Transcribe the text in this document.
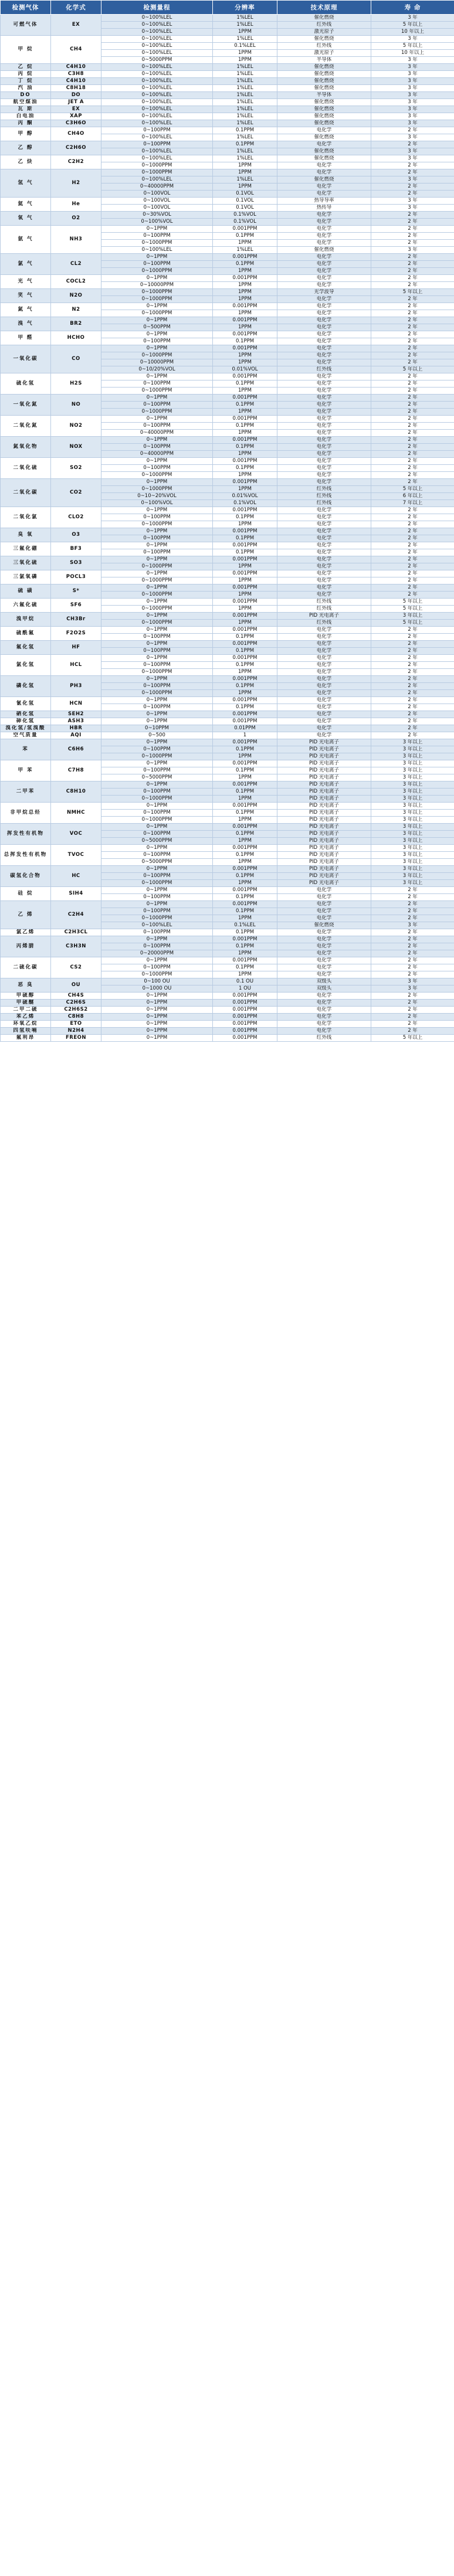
检测气体	化学式	检测量程	分辨率	技术原理	寿 命
可燃气体	EX	0~100%LEL	1%LEL	催化燃烧	3 年
		0~100%LEL	1%LEL	红外线	5 年以上
		0~100%LEL	1PPM	激光原子	10 年以上
甲 烷	CH4	0~100%LEL	1%LEL	催化燃烧	3 年
		0~100%LEL	0.1%LEL	红外线	5 年以上
		0~100%LEL	1PPM	激光原子	10 年以上
		0~5000PPM	1PPM	半导体	3 年
乙 烷	C4H10	0~100%LEL	1%LEL	催化燃烧	3 年
丙 烷	C3H8	0~100%LEL	1%LEL	催化燃烧	3 年
丁 烷	C4H10	0~100%LEL	1%LEL	催化燃烧	3 年
汽 油	C8H18	0~100%LEL	1%LEL	催化燃烧	3 年
DO	DO	0~100%LEL	1%LEL	半导体	3 年
航空煤油	JET A	0~100%LEL	1%LEL	催化燃烧	3 年
瓦 斯	EX	0~100%LEL	1%LEL	催化燃烧	3 年
白电油	XAP	0~100%LEL	1%LEL	催化燃烧	3 年
丙 酮	C3H6O	0~100%LEL	1%LEL	催化燃烧	3 年
甲 醇	CH4O	0~100PPM	0.1PPM	电化学	2 年
		0~100%LEL	1%LEL	催化燃烧	3 年
乙 醇	C2H6O	0~100PPM	0.1PPM	电化学	2 年
		0~100%LEL	1%LEL	催化燃烧	3 年
乙 炔	C2H2	0~100%LEL	1%LEL	催化燃烧	3 年
		0~1000PPM	1PPM	电化学	2 年
氢 气	H2	0~1000PPM	1PPM	电化学	2 年
		0~100%LEL	1%LEL	催化燃烧	3 年
		0~40000PPM	1PPM	电化学	2 年
		0~100VOL	0.1VOL	电化学	2 年
氦 气	He	0~100VOL	0.1VOL	热导导率	3 年
		0~100VOL	0.1VOL	热传导	3 年
氧 气	O2	0~30%VOL	0.1%VOL	电化学	2 年
		0~100%VOL	0.1%VOL	电化学	2 年
氨 气	NH3	0~1PPM	0.001PPM	电化学	2 年
		0~100PPM	0.1PPM	电化学	2 年
		0~1000PPM	1PPM	电化学	2 年
		0~100%LEL	1%LEL	催化燃烧	3 年
氯 气	CL2	0~1PPM	0.001PPM	电化学	2 年
		0~100PPM	0.1PPM	电化学	2 年
		0~1000PPM	1PPM	电化学	2 年
光 气	COCL2	0~1PPM	0.001PPM	电化学	2 年
		0~10000PPM	1PPM	电化学	2 年
笑 气	N2O	0~1000PPM	1PPM	光学波导	5 年以上
		0~1000PPM	1PPM	电化学	2 年
氮 气	N2	0~1PPM	0.001PPM	电化学	2 年
		0~1000PPM	1PPM	电化学	2 年
溴 气	BR2	0~1PPM	0.001PPM	电化学	2 年
		0~500PPM	1PPM	电化学	2 年
甲 醛	HCHO	0~1PPM	0.001PPM	电化学	2 年
		0~100PPM	0.1PPM	电化学	2 年
一氧化碳	CO	0~1PPM	0.001PPM	电化学	2 年
		0~1000PPM	1PPM	电化学	2 年
		0~10000PPM	1PPM	电化学	2 年
		0~10/20%VOL	0.01%VOL	红外线	5 年以上
硫化氢	H2S	0~1PPM	0.001PPM	电化学	2 年
		0~100PPM	0.1PPM	电化学	2 年
		0~1000PPM	1PPM	电化学	2 年
一氧化氮	NO	0~1PPM	0.001PPM	电化学	2 年
		0~100PPM	0.1PPM	电化学	2 年
		0~1000PPM	1PPM	电化学	2 年
二氧化氮	NO2	0~1PPM	0.001PPM	电化学	2 年
		0~100PPM	0.1PPM	电化学	2 年
		0~40000PPM	1PPM	电化学	2 年
氮氧化物	NOX	0~1PPM	0.001PPM	电化学	2 年
		0~100PPM	0.1PPM	电化学	2 年
		0~40000PPM	1PPM	电化学	2 年
二氧化硫	SO2	0~1PPM	0.001PPM	电化学	2 年
		0~100PPM	0.1PPM	电化学	2 年
		0~1000PPM	1PPM	电化学	2 年
二氧化碳	CO2	0~1PPM	0.001PPM	电化学	2 年
		0~1000PPM	1PPM	红外线	5 年以上
		0~10~20%VOL	0.01%VOL	红外线	6 年以上
		0~100%VOL	0.1%VOL	红外线	7 年以上
二氧化氯	CLO2	0~1PPM	0.001PPM	电化学	2 年
		0~100PPM	0.1PPM	电化学	2 年
		0~1000PPM	1PPM	电化学	2 年
臭 氧	O3	0~1PPM	0.001PPM	电化学	2 年
		0~100PPM	0.1PPM	电化学	2 年
三氟化硼	BF3	0~1PPM	0.001PPM	电化学	2 年
		0~100PPM	0.1PPM	电化学	2 年
三氧化硫	SO3	0~1PPM	0.001PPM	电化学	2 年
		0~1000PPM	1PPM	电化学	2 年
三氯氧磷	POCL3	0~1PPM	0.001PPM	电化学	2 年
		0~1000PPM	1PPM	电化学	2 年
硫 磺	S*	0~1PPM	0.001PPM	电化学	2 年
		0~1000PPM	1PPM	电化学	2 年
六氟化硫	SF6	0~1PPM	0.001PPM	红外线	5 年以上
		0~1000PPM	1PPM	红外线	5 年以上
溴甲烷	CH3Br	0~1PPM	0.001PPM	PID 光电离子	3 年以上
		0~1000PPM	1PPM	红外线	5 年以上
硫酰氟	F2O2S	0~1PPM	0.001PPM	电化学	2 年
		0~100PPM	0.1PPM	电化学	2 年
氟化氢	HF	0~1PPM	0.001PPM	电化学	2 年
		0~100PPM	0.1PPM	电化学	2 年
氯化氢	HCL	0~1PPM	0.001PPM	电化学	2 年
		0~100PPM	0.1PPM	电化学	2 年
		0~1000PPM	1PPM	电化学	2 年
磷化氢	PH3	0~1PPM	0.001PPM	电化学	2 年
		0~100PPM	0.1PPM	电化学	2 年
		0~1000PPM	1PPM	电化学	2 年
氰化氢	HCN	0~1PPM	0.001PPM	电化学	2 年
		0~100PPM	0.1PPM	电化学	2 年
硒化氢	SEH2	0~1PPM	0.001PPM	电化学	2 年
砷化氢	ASH3	0~1PPM	0.001PPM	电化学	2 年
溴化氢/氢溴酸	HBR	0~10PPM	0.01PPM	电化学	2 年
空气质量	AQI	0~500	1	电化学	2 年
苯	C6H6	0~1PPM	0.001PPM	PID 光电离子	3 年以上
		0~100PPM	0.1PPM	PID 光电离子	3 年以上
		0~1000PPM	1PPM	PID 光电离子	3 年以上
甲 苯	C7H8	0~1PPM	0.001PPM	PID 光电离子	3 年以上
		0~100PPM	0.1PPM	PID 光电离子	3 年以上
		0~5000PPM	1PPM	PID 光电离子	3 年以上
二甲苯	C8H10	0~1PPM	0.001PPM	PID 光电离子	3 年以上
		0~100PPM	0.1PPM	PID 光电离子	3 年以上
		0~1000PPM	1PPM	PID 光电离子	3 年以上
非甲烷总烃	NMHC	0~1PPM	0.001PPM	PID 光电离子	3 年以上
		0~100PPM	0.1PPM	PID 光电离子	3 年以上
		0~1000PPM	1PPM	PID 光电离子	3 年以上
挥发性有机物	VOC	0~1PPM	0.001PPM	PID 光电离子	3 年以上
		0~100PPM	0.1PPM	PID 光电离子	3 年以上
		0~5000PPM	1PPM	PID 光电离子	3 年以上
总挥发性有机物	TVOC	0~1PPM	0.001PPM	PID 光电离子	3 年以上
		0~100PPM	0.1PPM	PID 光电离子	3 年以上
		0~5000PPM	1PPM	PID 光电离子	3 年以上
碳氢化合物	HC	0~1PPM	0.001PPM	PID 光电离子	3 年以上
		0~100PPM	0.1PPM	PID 光电离子	3 年以上
		0~1000PPM	1PPM	PID 光电离子	3 年以上
硅 烷	SIH4	0~1PPM	0.001PPM	电化学	2 年
		0~100PPM	0.1PPM	电化学	2 年
乙 烯	C2H4	0~1PPM	0.001PPM	电化学	2 年
		0~100PPM	0.1PPM	电化学	2 年
		0~1000PPM	1PPM	电化学	2 年
		0~100%LEL	0.1%LEL	催化燃烧	3 年
氯乙烯	C2H3CL	0~100PPM	0.1PPM	电化学	2 年
丙烯腈	C3H3N	0~1PPM	0.001PPM	电化学	2 年
		0~100PPM	0.1PPM	电化学	2 年
		0~20000PPM	1PPM	电化学	2 年
二硫化碳	CS2	0~1PPM	0.001PPM	电化学	2 年
		0~100PPM	0.1PPM	电化学	2 年
		0~1000PPM	1PPM	电化学	2 年
恶 臭	OU	0~100 OU	0.1 OU	双级头	3 年
		0~1000 OU	1 OU	双级头	3 年
甲硫醇	CH4S	0~1PPM	0.001PPM	电化学	2 年
甲硫醚	C2H6S	0~1PPM	0.001PPM	电化学	2 年
二甲二硫	C2H6S2	0~1PPM	0.001PPM	电化学	2 年
苯乙烯	C8H8	0~1PPM	0.001PPM	电化学	2 年
环氧乙烷	ETO	0~1PPM	0.001PPM	电化学	2 年
四氢呋喃	N2H4	0~1PPM	0.001PPM	电化学	2 年
氟利昂	FREON	0~1PPM	0.001PPM	红外线	5 年以上
